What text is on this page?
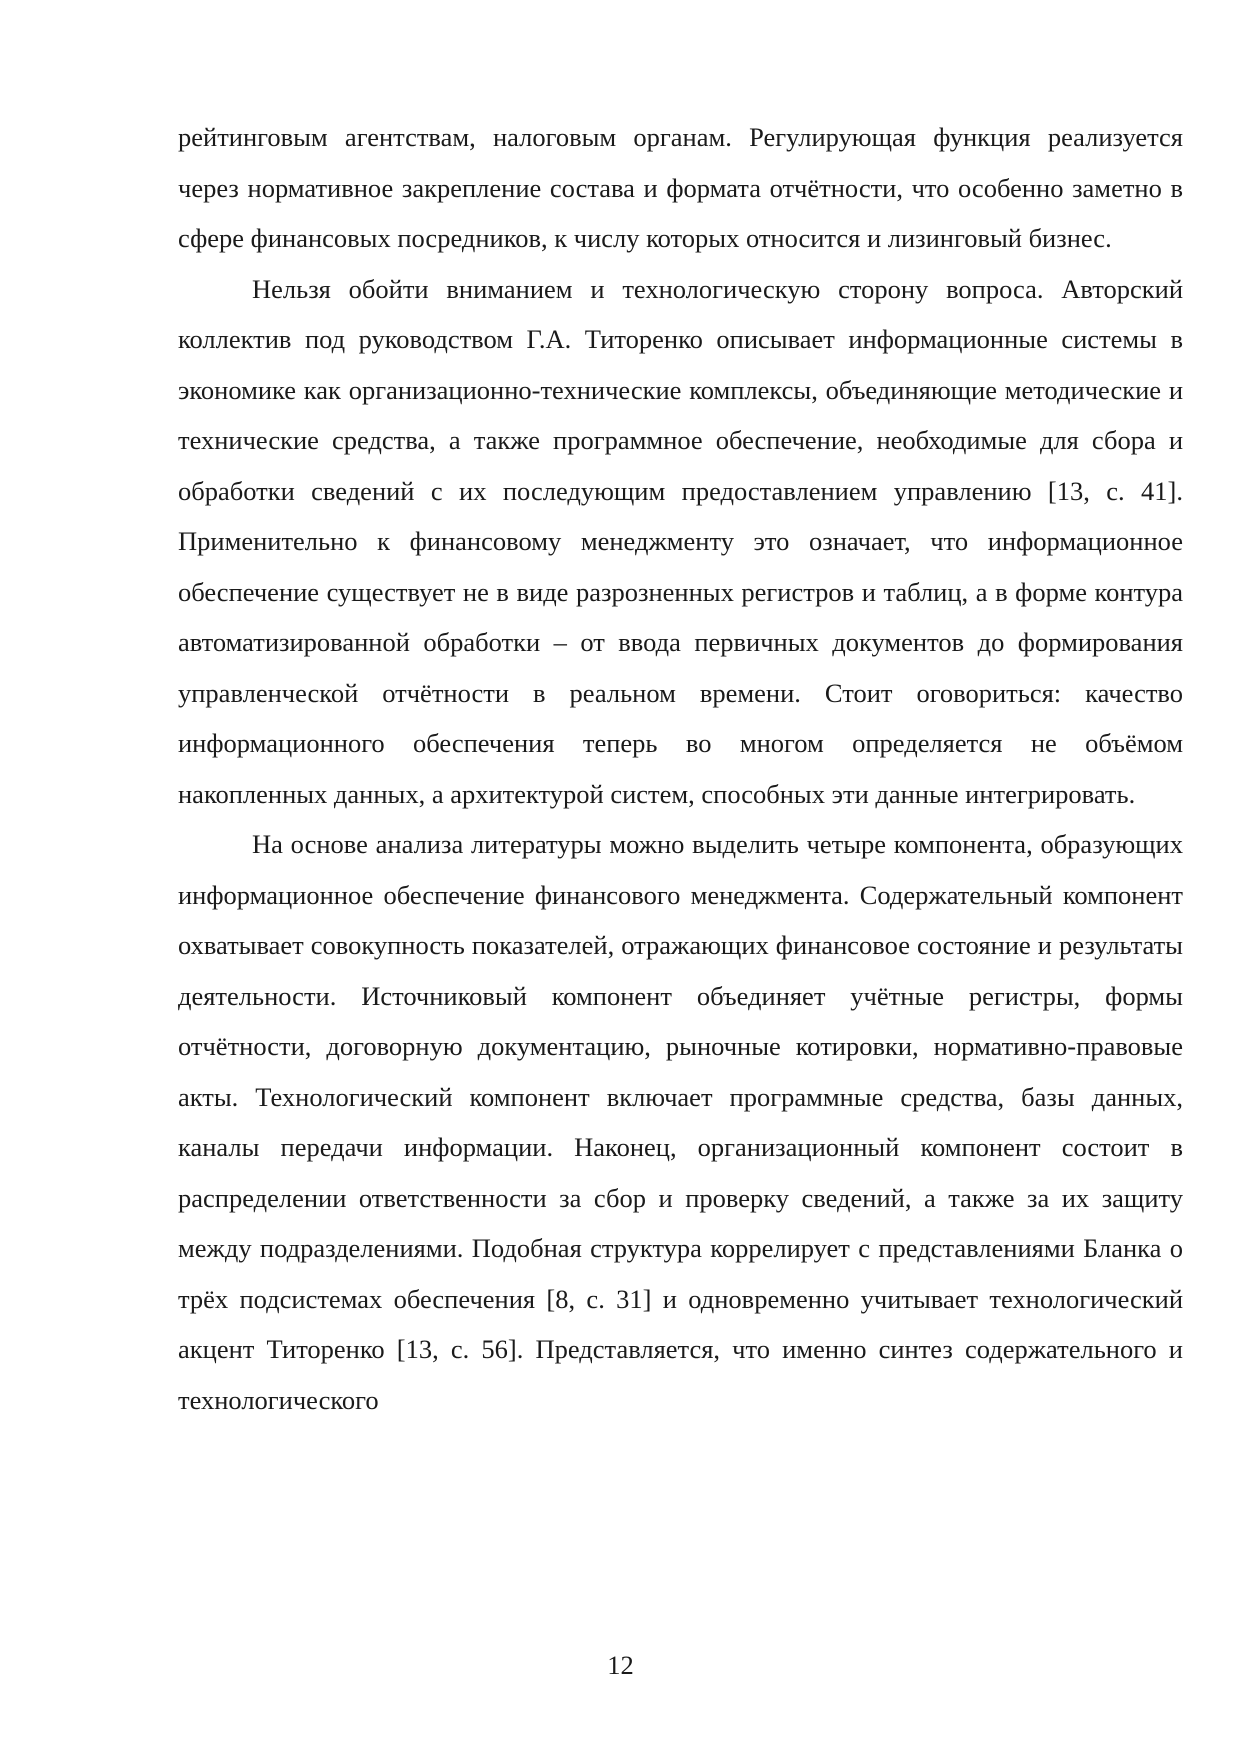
рейтинговым агентствам, налоговым органам. Регулирующая функция реализуется через нормативное закрепление состава и формата отчётности, что особенно заметно в сфере финансовых посредников, к числу которых относится и лизинговый бизнес.

Нельзя обойти вниманием и технологическую сторону вопроса. Авторский коллектив под руководством Г.А. Титоренко описывает информационные системы в экономике как организационно-технические комплексы, объединяющие методические и технические средства, а также программное обеспечение, необходимые для сбора и обработки сведений с их последующим предоставлением управлению [13, с. 41]. Применительно к финансовому менеджменту это означает, что информационное обеспечение существует не в виде разрозненных регистров и таблиц, а в форме контура автоматизированной обработки – от ввода первичных документов до формирования управленческой отчётности в реальном времени. Стоит оговориться: качество информационного обеспечения теперь во многом определяется не объёмом накопленных данных, а архитектурой систем, способных эти данные интегрировать.

На основе анализа литературы можно выделить четыре компонента, образующих информационное обеспечение финансового менеджмента. Содержательный компонент охватывает совокупность показателей, отражающих финансовое состояние и результаты деятельности. Источниковый компонент объединяет учётные регистры, формы отчётности, договорную документацию, рыночные котировки, нормативно-правовые акты. Технологический компонент включает программные средства, базы данных, каналы передачи информации. Наконец, организационный компонент состоит в распределении ответственности за сбор и проверку сведений, а также за их защиту между подразделениями. Подобная структура коррелирует с представлениями Бланка о трёх подсистемах обеспечения [8, с. 31] и одновременно учитывает технологический акцент Титоренко [13, с. 56]. Представляется, что именно синтез содержательного и технологического

12
